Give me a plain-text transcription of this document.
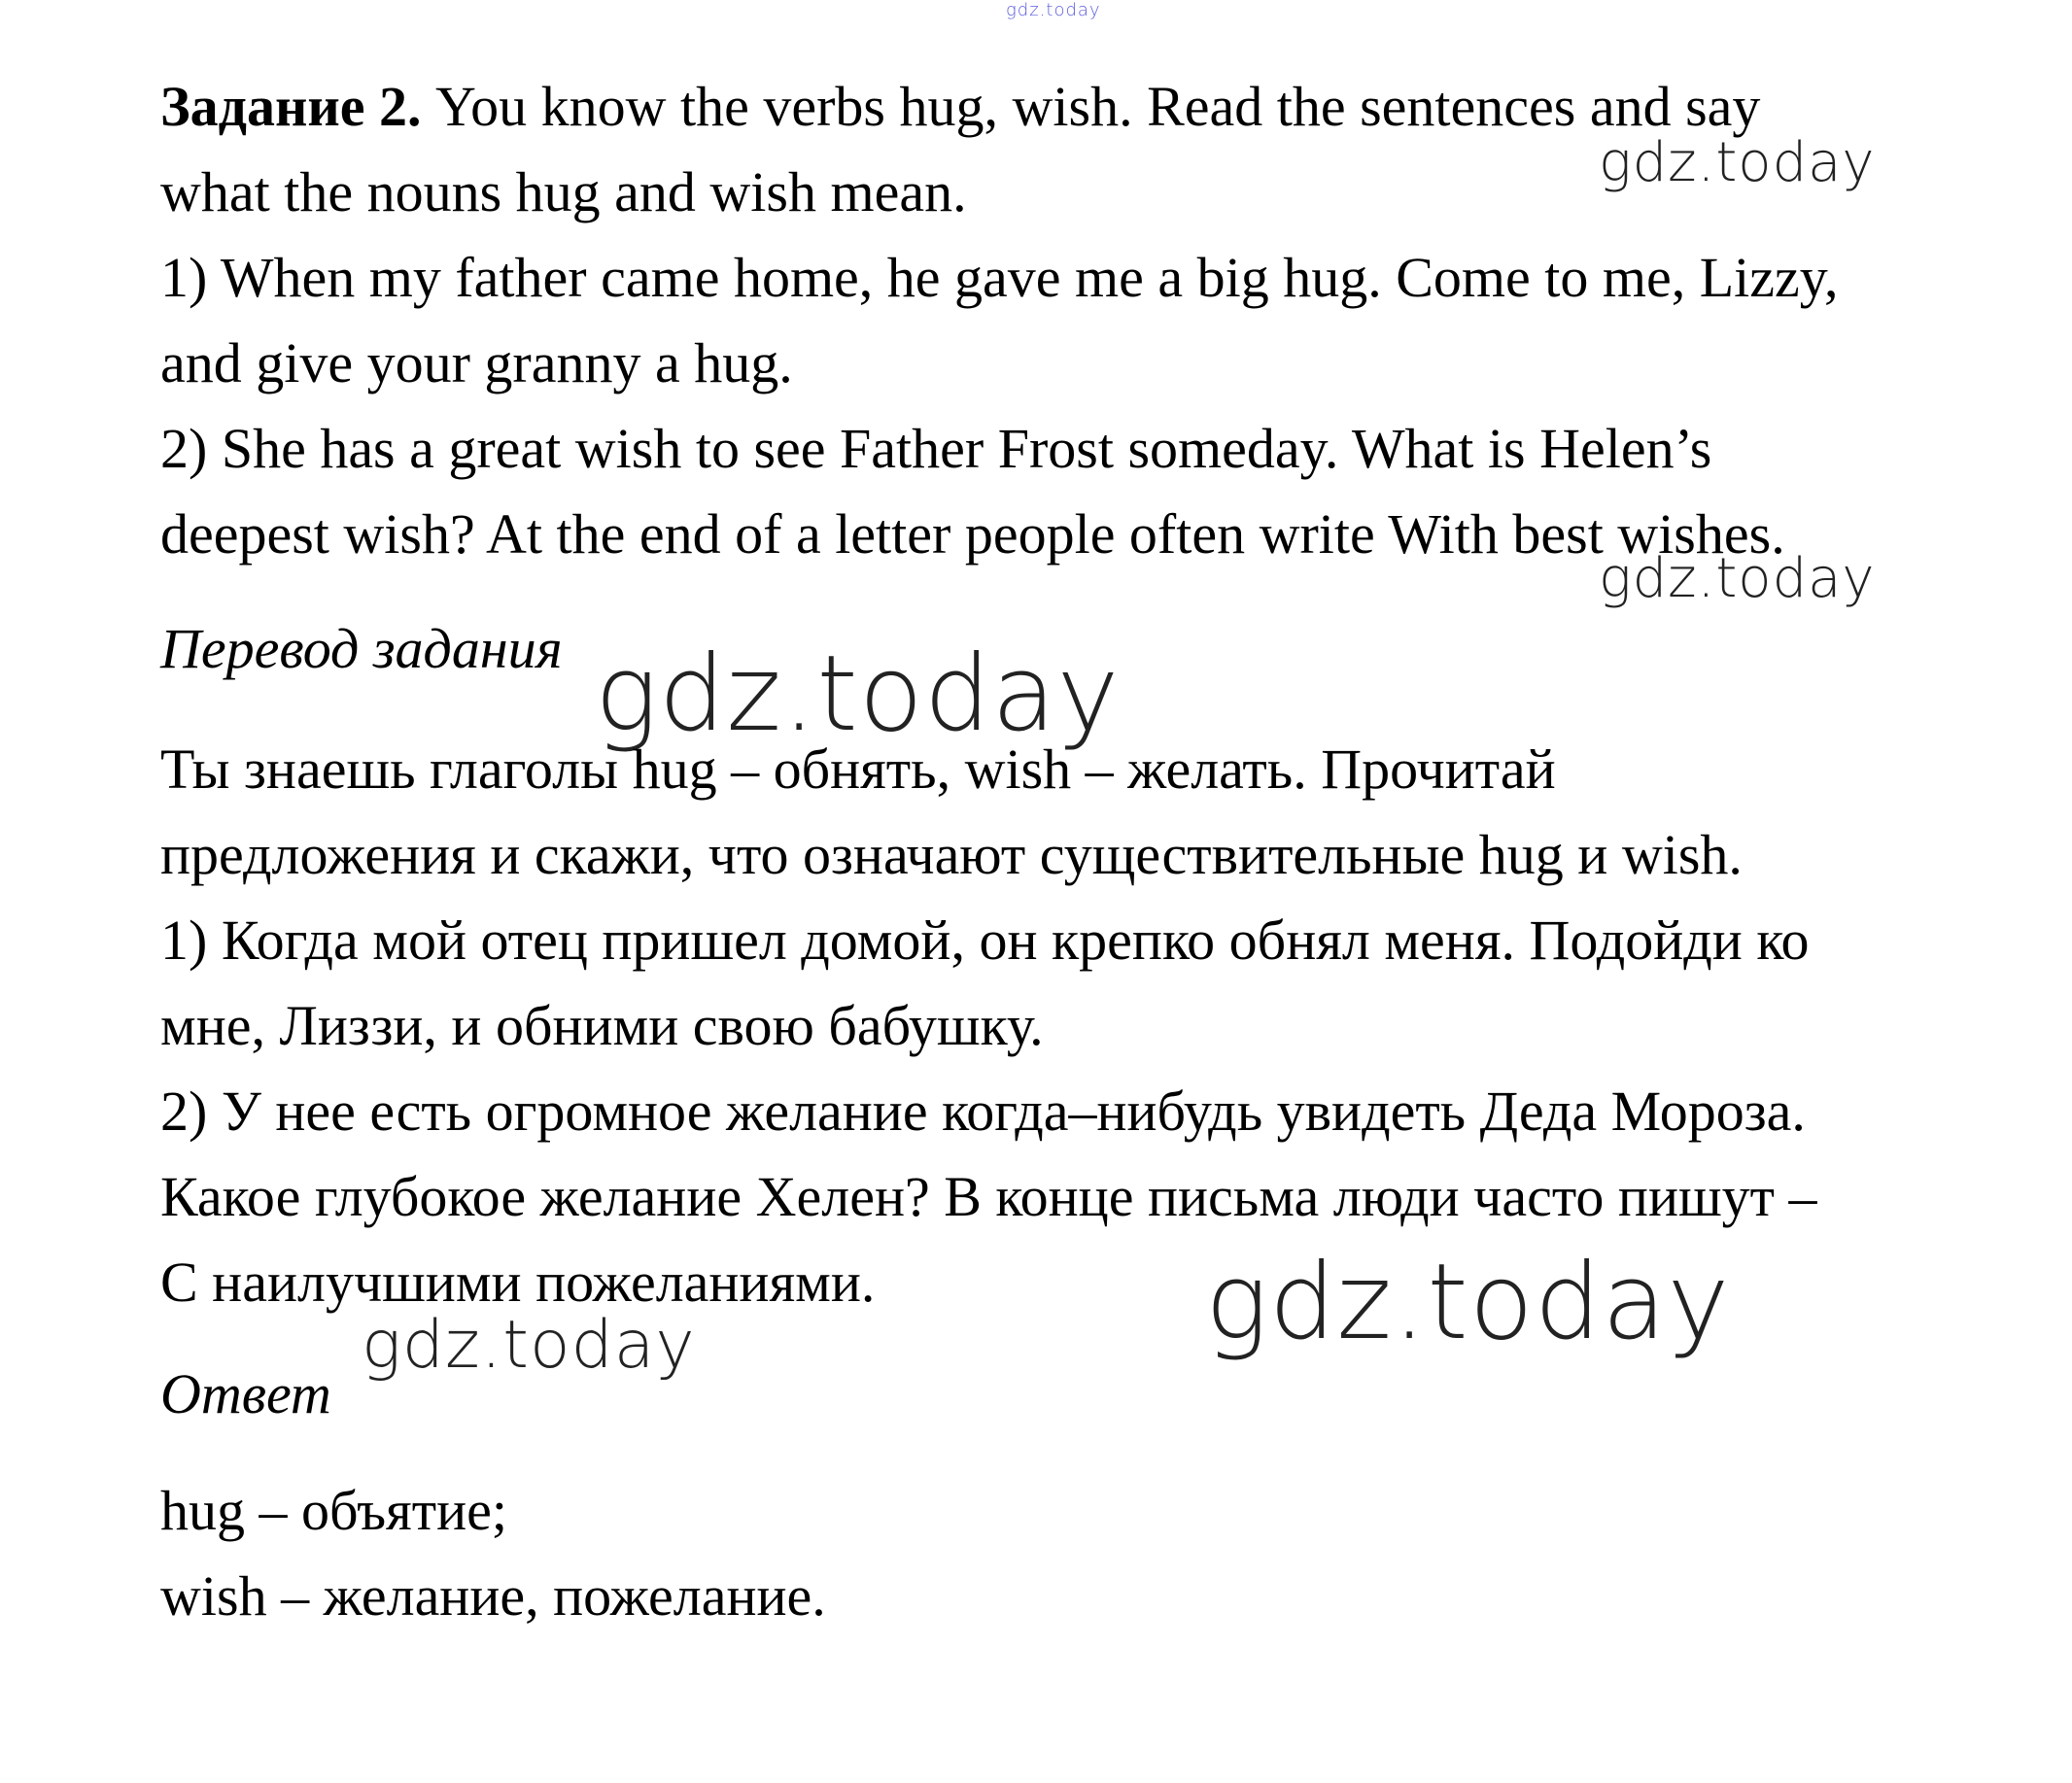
gdz.today
Задание 2. You know the verbs hug, wish. Read the sentences and say
what the nouns hug and wish mean.
1) When my father came home, he gave me a big hug. Come to me, Lizzy,
and give your granny a hug.
2) She has a great wish to see Father Frost someday. What is Helen’s
deepest wish? At the end of a letter people often write With best wishes.
gdz.today
gdz.today
Перевод задания gdz.today
Ты знаешь глаголы hug – обнять, wish – желать. Прочитай
предложения и скажи, что означают существительные hug и wish.
1) Когда мой отец пришел домой, он крепко обнял меня. Подойди ко
мне, Лиззи, и обними свою бабушку.
2) У нее есть огромное желание когда–нибудь увидеть Деда Мороза.
Какое глубокое желание Хелен? В конце письма люди часто пишут –
С наилучшими пожеланиями.	gdz.today
gdz.today
Ответ
hug – объятие;
wish – желание, пожелание.
